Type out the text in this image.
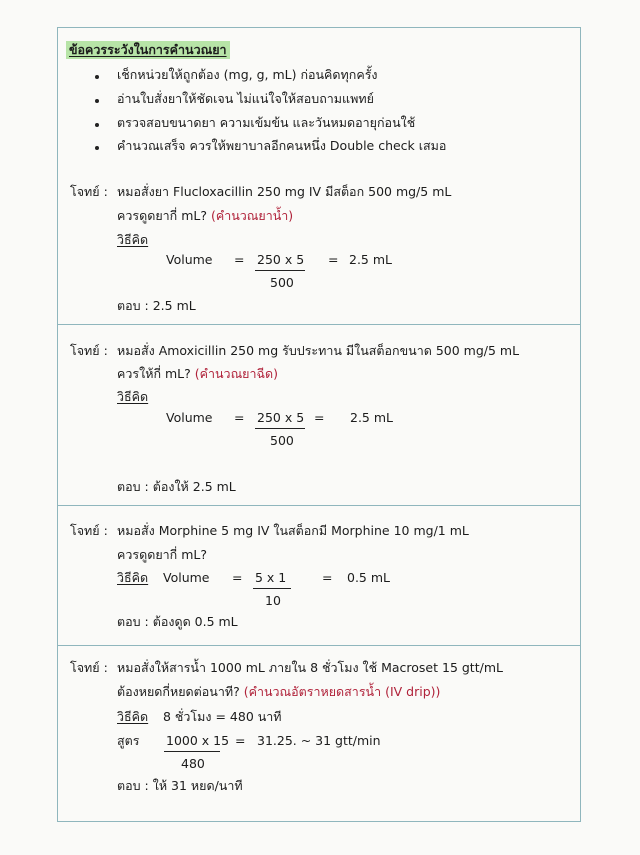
ข้อควรระวังในการคำนวณยา
เช็กหน่วยให้ถูกต้อง (mg, g, mL) ก่อนคิดทุกครั้ง
อ่านใบสั่งยาให้ชัดเจน ไม่แน่ใจให้สอบถามแพทย์
ตรวจสอบขนาดยา ความเข้มข้น และวันหมดอายุก่อนใช้
คำนวณเสร็จ ควรให้พยาบาลอีกคนหนึ่ง Double check เสมอ
โจทย์ : หมอสั่งยา Flucloxacillin 250 mg IV มีสต็อก 500 mg/5 mL
ควรดูดยากี่ mL? (คำนวณยาน้ำ)
วิธีคิด
Volume = 250 x 5
500
= 2.5 mL
ตอบ : 2.5 mL
โจทย์ : หมอสั่ง Amoxicillin 250 mg รับประทาน มีในสต็อกขนาด 500 mg/5 mL
ควรให้กี่ mL? (คำนวณยาฉีด)
วิธีคิด
Volume = 250 x 5
500
= 2.5 mL
ตอบ : ต้องให้ 2.5 mL
โจทย์ : หมอสั่ง Morphine 5 mg IV ในสต็อกมี Morphine 10 mg/1 mL
ควรดูดยากี่ mL?
วิธีคิด Volume = 5 x 1
10
= 0.5 mL
ตอบ : ต้องดูด 0.5 mL
โจทย์ : หมอสั่งให้สารน้ำ 1000 mL ภายใน 8 ชั่วโมง ใช้ Macroset 15 gtt/mL
ต้องหยดกี่หยดต่อนาที? (คำนวณอัตราหยดสารน้ำ (IV drip))
วิธีคิด 8 ชั่วโมง = 480 นาที
สูตร 1000 x 15
480
= 31.25. ~ 31 gtt/min
ตอบ : ให้ 31 หยด/นาที
